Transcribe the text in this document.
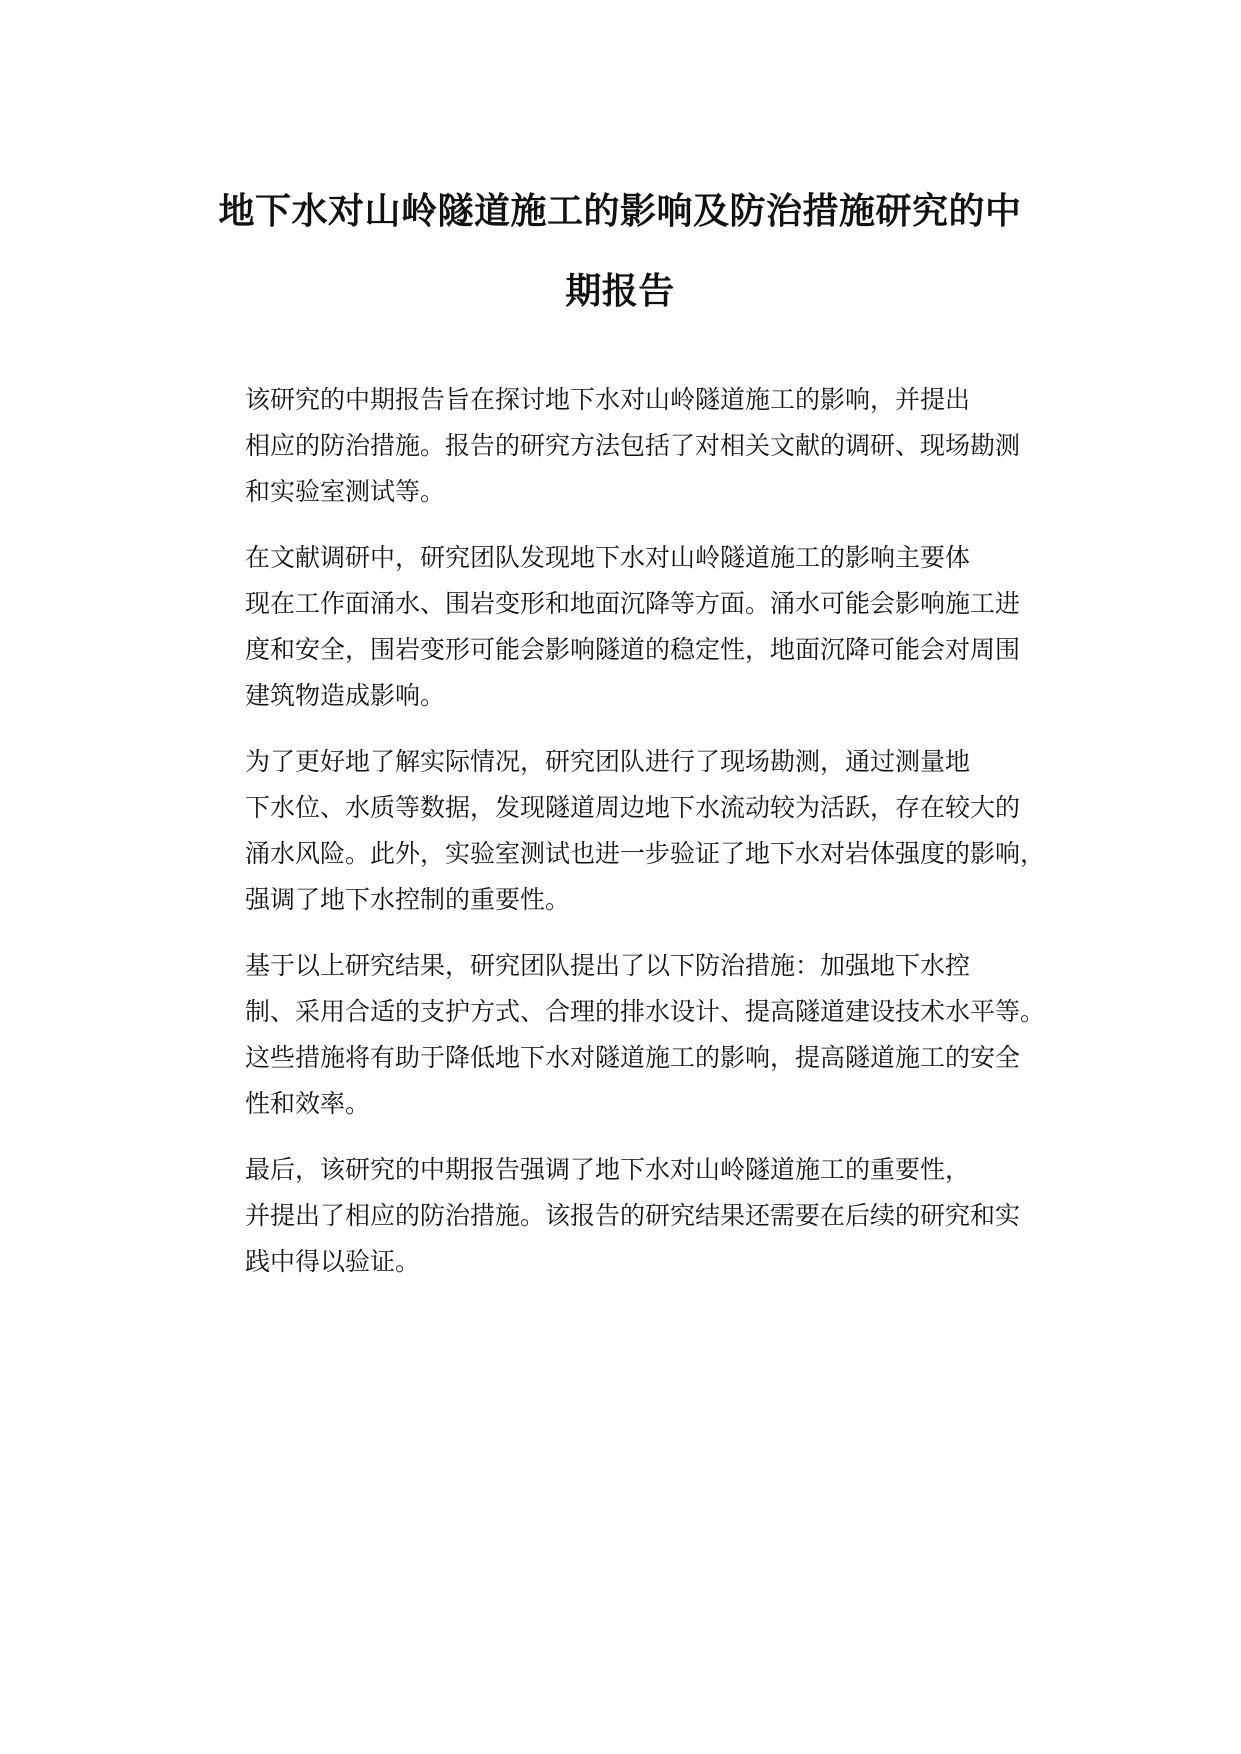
地下水对山岭隧道施工的影响及防治措施研究的中
期报告

该研究的中期报告旨在探讨地下水对山岭隧道施工的影响，并提出
相应的防治措施。报告的研究方法包括了对相关文献的调研、现场勘测
和实验室测试等。

在文献调研中，研究团队发现地下水对山岭隧道施工的影响主要体
现在工作面涌水、围岩变形和地面沉降等方面。涌水可能会影响施工进
度和安全，围岩变形可能会影响隧道的稳定性，地面沉降可能会对周围
建筑物造成影响。

为了更好地了解实际情况，研究团队进行了现场勘测，通过测量地
下水位、水质等数据，发现隧道周边地下水流动较为活跃，存在较大的
涌水风险。此外，实验室测试也进一步验证了地下水对岩体强度的影响，
强调了地下水控制的重要性。

基于以上研究结果，研究团队提出了以下防治措施：加强地下水控
制、采用合适的支护方式、合理的排水设计、提高隧道建设技术水平等。
这些措施将有助于降低地下水对隧道施工的影响，提高隧道施工的安全
性和效率。

最后，该研究的中期报告强调了地下水对山岭隧道施工的重要性，
并提出了相应的防治措施。该报告的研究结果还需要在后续的研究和实
践中得以验证。
